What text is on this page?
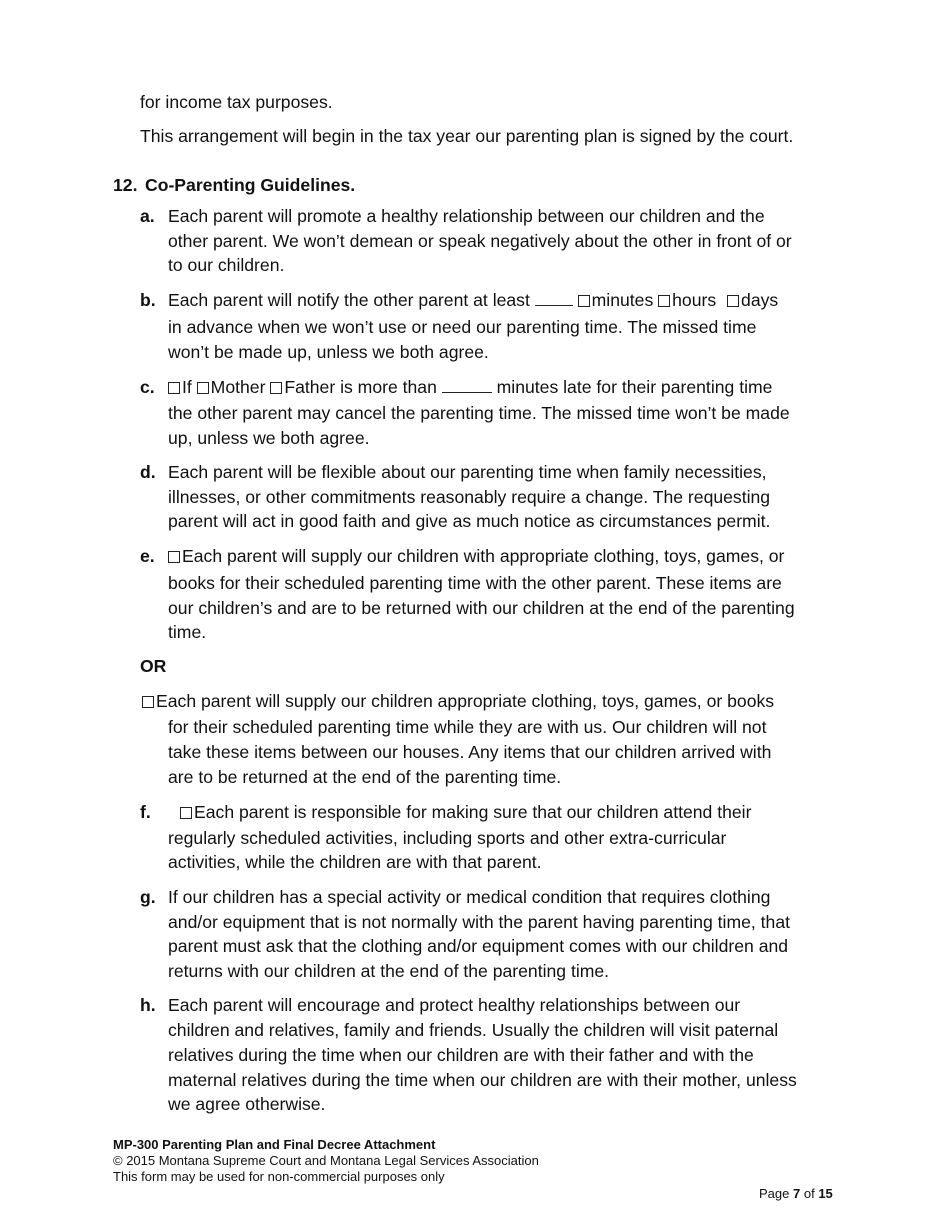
for income tax purposes.
This arrangement will begin in the tax year our parenting plan is signed by the court.
12. Co-Parenting Guidelines.
a. Each parent will promote a healthy relationship between our children and the
other parent. We won’t demean or speak negatively about the other in front of or
to our children.
b. Each parent will notify the other parent at least	minutes hours days
in advance when we won’t use or need our parenting time. The missed time
won’t be made up, unless we both agree.
c.	If Mother Father is more than	minutes late for their parenting time
the other parent may cancel the parenting time. The missed time won’t be made
up, unless we both agree.
d. Each parent will be flexible about our parenting time when family necessities,
illnesses, or other commitments reasonably require a change. The requesting
parent will act in good faith and give as much notice as circumstances permit.
e.	Each parent will supply our children with appropriate clothing, toys, games, or
books for their scheduled parenting time with the other parent. These items are
our children’s and are to be returned with our children at the end of the parenting
time.
OR
Each parent will supply our children appropriate clothing, toys, games, or books
for their scheduled parenting time while they are with us. Our children will not
take these items between our houses. Any items that our children arrived with
are to be returned at the end of the parenting time.
f.	Each parent is responsible for making sure that our children attend their
regularly scheduled activities, including sports and other extra-curricular
activities, while the children are with that parent.
g. If our children has a special activity or medical condition that requires clothing
and/or equipment that is not normally with the parent having parenting time, that
parent must ask that the clothing and/or equipment comes with our children and
returns with our children at the end of the parenting time.
h. Each parent will encourage and protect healthy relationships between our
children and relatives, family and friends. Usually the children will visit paternal
relatives during the time when our children are with their father and with the
maternal relatives during the time when our children are with their mother, unless
we agree otherwise.
MP-300 Parenting Plan and Final Decree Attachment
© 2015 Montana Supreme Court and Montana Legal Services Association
This form may be used for non-commercial purposes only
Page 7 of 15
